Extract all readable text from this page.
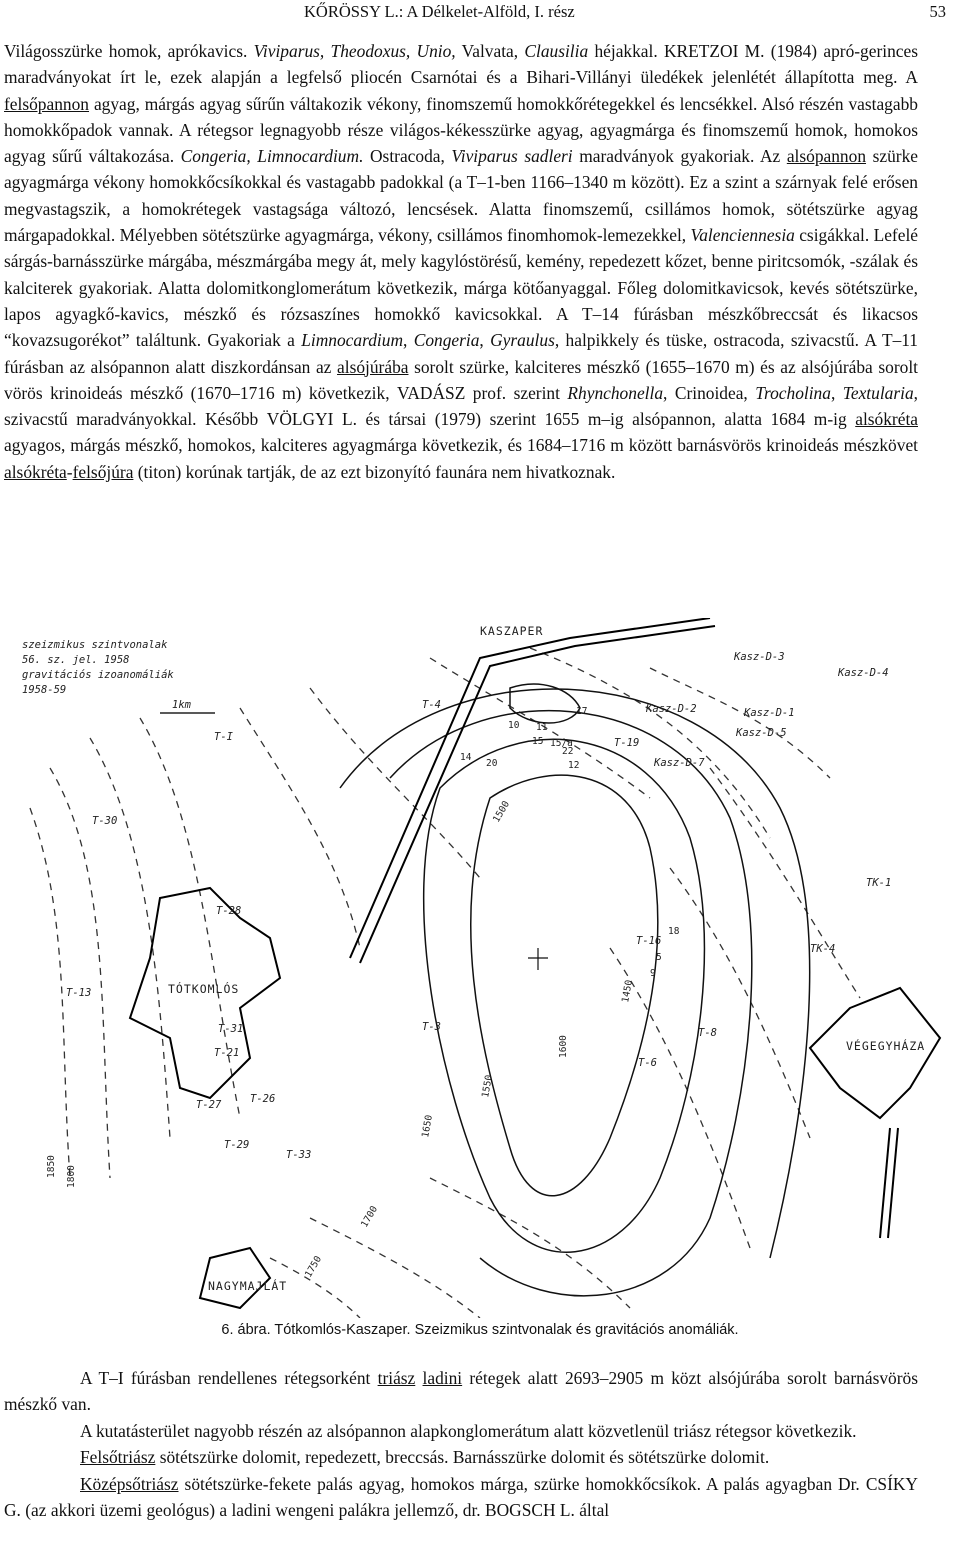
KŐRÖSSY L.: A Délkelet-Alföld, I. rész	53

Világosszürke homok, aprókavics. Viviparus, Theodoxus, Unio, Valvata, Clausilia héjakkal. KRETZOI M. (1984) apró-gerinces maradványokat írt le, ezek alapján a legfelső pliocén Csarnótai és a Bihari-Villányi üledékek jelenlétét állapította meg. A felsőpannon agyag, márgás agyag sűrűn váltakozik vékony, finomszemű homokkőrétegekkel és lencsékkel. Alsó részén vastagabb homokkőpadok vannak. A rétegsor legnagyobb része világos-kékesszürke agyag, agyagmárga és finomszemű homok, homokos agyag sűrű váltakozása. Congeria, Limnocardium. Ostracoda, Viviparus sadleri maradványok gyakoriak. Az alsópannon szürke agyagmárga vékony homokkőcsíkokkal és vastagabb padokkal (a T–1-ben 1166–1340 m között). Ez a szint a szárnyak felé erősen megvastagszik, a homokrétegek vastagsága változó, lencsések. Alatta finomszemű, csillámos homok, sötétszürke agyag márgapadokkal. Mélyebben sötétszürke agyagmárga, vékony, csillámos finomhomok-lemezekkel, Valenciennesia csigákkal. Lefelé sárgás-barnásszürke márgába, mészmárgába megy át, mely kagylóstörésű, kemény, repedezett kőzet, benne piritcsomók, -szálak és kalciterek gyakoriak. Alatta dolomitkonglomerátum következik, márga kötőanyaggal. Főleg dolomitkavicsok, kevés sötétszürke, lapos agyagkő-kavics, mészkő és rózsaszínes homokkő kavicsokkal. A T–14 fúrásban mészkőbreccsát és likacsos “kovazsugorékot” találtunk. Gyakoriak a Limnocardium, Congeria, Gyraulus, halpikkely és tüske, ostracoda, szivacstű. A T–11 fúrásban az alsópannon alatt diszkordánsan az alsójúrába sorolt szürke, kalciteres mészkő (1655–1670 m) és az alsójúrába sorolt vörös krinoideás mészkő (1670–1716 m) következik, VADÁSZ prof. szerint Rhynchonella, Crinoidea, Trocholina, Textularia, szivacstű maradványokkal. Később VÖLGYI L. és társai (1979) szerint 1655 m–ig alsópannon, alatta 1684 m-ig alsókréta agyagos, márgás mészkő, homokos, kalciteres agyagmárga következik, és 1684–1716 m között barnásvörös krinoideás mészkövet alsókréta-felsőjúra (titon) korúnak tartják, de az ezt bizonyító faunára nem hivatkoznak.

szeizmikus szintvonalak
56. sz. jel. 1958
gravitációs izoanomáliák
1958-59
1km
KASZAPER
TÓTKOMLÓS
VÉGEGYHÁZA
NAGYMAJLÁT
Kasz-D-3
Kasz-D-4
Kasz-D-2	Kasz-D-1
Kasz-D-5
Kasz-D-7
T-4
T-I
T-30
T-28
T-13
T-31
T-21
T-27	T-26
T-29
T-33
T-3
T-16
T-19
T-8
T-6
TK-1
TK-4
1500
1550
1600
1650
1700
1750
1800
1850
1450
10 11
12
14
15 15/a
17
18
20
22
5
9
6. ábra. Tótkomlós-Kaszaper. Szeizmikus szintvonalak és gravitációs anomáliák.

A T–I fúrásban rendellenes rétegsorként triász ladini rétegek alatt 2693–2905 m közt alsójúrába sorolt barnásvörös mészkő van.

A kutatásterület nagyobb részén az alsópannon alapkonglomerátum alatt közvetlenül triász rétegsor következik.

Felsőtriász sötétszürke dolomit, repedezett, breccsás. Barnásszürke dolomit és sötétszürke dolomit.

Középsőtriász sötétszürke-fekete palás agyag, homokos márga, szürke homokkőcsíkok. A palás agyagban Dr. CSÍKY G. (az akkori üzemi geológus) a ladini wengeni palákra jellemző, dr. BOGSCH L. által
